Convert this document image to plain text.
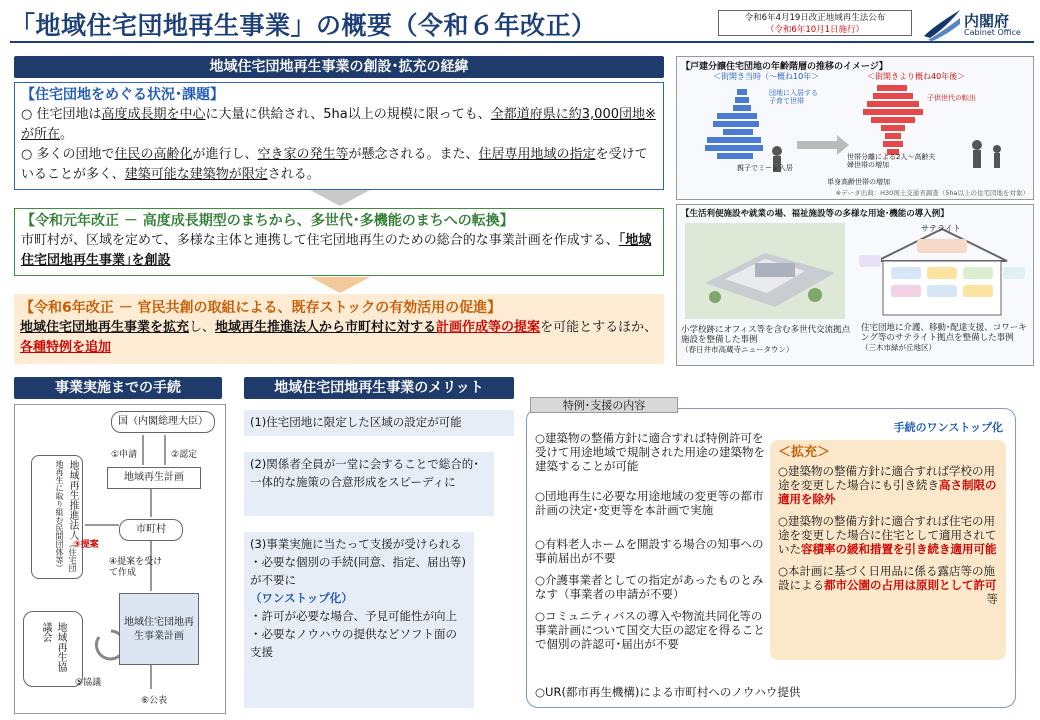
「地域住宅団地再生事業」の概要（令和６年改正）	令和6年4月19日改正地域再生法公布
（令和6年10月1日施行）	内閣府
Cabinet Office
地域住宅団地再生事業の創設･拡充の経緯
【住宅団地をめぐる状況･課題】
○ 住宅団地は高度成長期を中心に大量に供給され、5ha以上の規模に限っても、全都道府県に約3,000団地※が所在。
○ 多くの団地で住民の高齢化が進行し、空き家の発生等が懸念される。また、住居専用地域の指定を受けていることが多く、建築可能な建築物が限定される。
【令和元年改正 － 高度成長期型のまちから、多世代･多機能のまちへの転換】
市町村が、区域を定めて、多様な主体と連携して住宅団地再生のための総合的な事業計画を作成する、｢地域住宅団地再生事業｣を創設
【令和6年改正 － 官民共創の取組による、既存ストックの有効活用の促進】
地域住宅団地再生事業を拡充し、地域再生推進法人から市町村に対する計画作成等の提案を可能とするほか、各種特例を追加
【戸建分譲住宅団地の年齢階層の推移のイメージ】
＜街開き当時（～概ね10年＞	＜街開きより概ね40年後＞
団地に入居する
子育て世帯
親子でミーレ入居
子供世代の転出
世帯分離による2人～高齢夫婦世帯の増加
単身高齢世帯の増加
※データ出典：H30国土交通省調査（5ha以上の住宅団地を対象）
【生活利便施設や就業の場、福祉施設等の多様な用途･機能の導入例】
サテライト
小学校跡にオフィス等を含む多世代交流拠点施設を整備した事例
（春日井市高蔵寺ニュータウン）
住宅団地に介護、移動･配達支援、コワーキング等のサテライト拠点を整備した事例
（三木市緑が丘地区）
事業実施までの手続
国（内閣総理大臣）
①申請	②認定
地域再生計画
市町村
地域再生推進法人（住宅団地再生に取り組む民間団体等）	③提案
④提案を受けて作成
地域住宅団地再生事業計画
地域再生協議会
⑤協議
⑥公表
地域住宅団地再生事業のメリット
(1)住宅団地に限定した区域の設定が可能
(2)関係者全員が一堂に会することで総合的･一体的な施策の合意形成をスピーディに
(3)事業実施に当たって支援が受けられる
・必要な個別の手続(同意、指定、届出等)が不要に
（ワンストップ化）
・許可が必要な場合、予見可能性が向上
・必要なノウハウの提供などソフト面の支援
手続のワンストップ化
○建築物の整備方針に適合すれば特例許可を受けて用途地域で規制された用途の建築物を建築することが可能
○団地再生に必要な用途地域の変更等の都市計画の決定･変更等を本計画で実施
○有料老人ホームを開設する場合の知事への事前届出が不要
○介護事業者としての指定があったものとみなす（事業者の申請が不要）
○コミュニティバスの導入や物流共同化等の事業計画について国交大臣の認定を得ることで個別の許認可･届出が不要
○UR(都市再生機構)による市町村へのノウハウ提供
特例･支援の内容
＜拡充＞
○建築物の整備方針に適合すれば学校の用途を変更した場合にも引き続き高さ制限の適用を除外
○建築物の整備方針に適合すれば住宅の用途を変更した場合に住宅として適用されていた容積率の緩和措置を引き続き適用可能
○本計画に基づく日用品に係る露店等の施設による都市公園の占用は原則として許可
等
